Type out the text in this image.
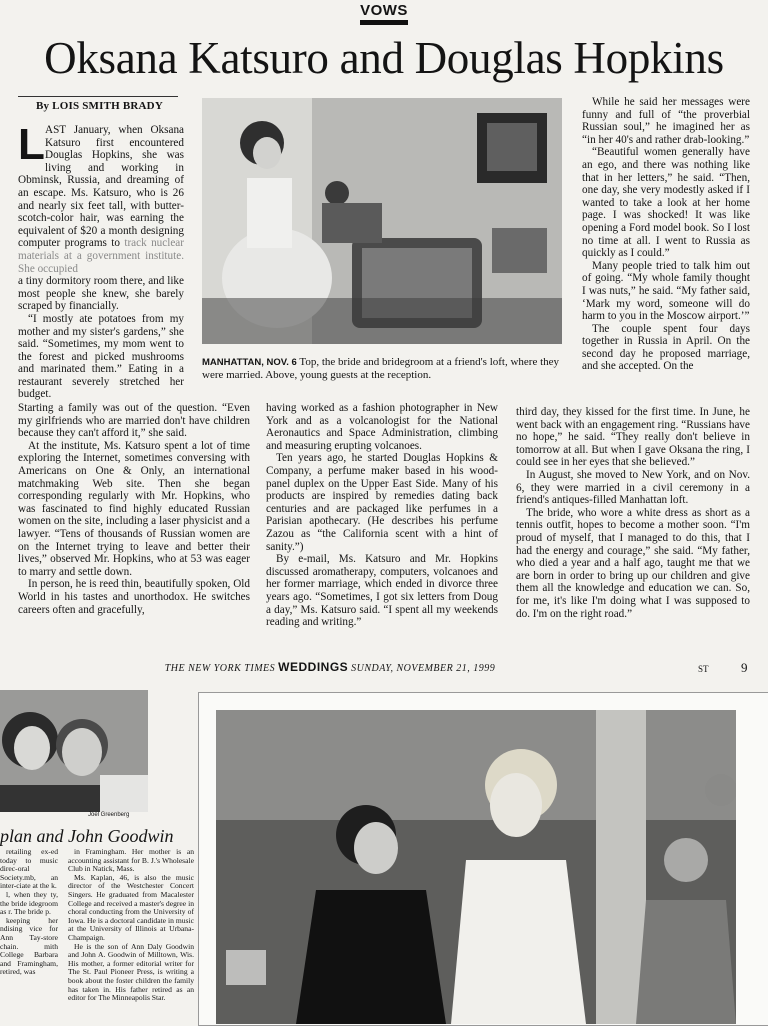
VOWS
Oksana Katsuro and Douglas Hopkins
By LOIS SMITH BRADY

LAST January, when Oksana Katsuro first encountered Douglas Hopkins, she was living and working in Obminsk, Russia, and dreaming of an escape. Ms. Katsuro, who is 26 and nearly six feet tall, with butter-scotch-color hair, was earning the equivalent of $20 a month designing computer programs to track nuclear materials at a government institute. She occupied

a tiny dormitory room there, and like most people she knew, she barely scraped by financially.

“I mostly ate potatoes from my mother and my sister's gardens,” she said. “Sometimes, my mom went to the forest and picked mushrooms and marinated them.” Eating in a restaurant severely stretched her budget.

Starting a family was out of the question. “Even my girlfriends who are married don't have children because they can't afford it,” she said.

At the institute, Ms. Katsuro spent a lot of time exploring the Internet, sometimes conversing with Americans on One & Only, an international matchmaking Web site. Then she began corresponding regularly with Mr. Hopkins, who was fascinated to find highly educated Russian women on the site, including a laser physicist and a lawyer. “Tens of thousands of Russian women are on the Internet trying to leave and better their lives,” observed Mr. Hopkins, who at 53 was eager to marry and settle down.

In person, he is reed thin, beautifully spoken, Old World in his tastes and unorthodox. He switches careers often and gracefully,

MANHATTAN, NOV. 6 Top, the bride and bridegroom at a friend's loft, where they were married. Above, young guests at the reception.

having worked as a fashion photographer in New York and as a volcanologist for the National Aeronautics and Space Administration, climbing and measuring erupting volcanoes.

Ten years ago, he started Douglas Hopkins & Company, a perfume maker based in his wood-panel duplex on the Upper East Side. Many of his products are inspired by remedies dating back centuries and are packaged like perfumes in a Parisian apothecary. (He describes his perfume Zazou as “the California scent with a hint of sanity.”)

By e-mail, Ms. Katsuro and Mr. Hopkins discussed aromatherapy, computers, volcanoes and her former marriage, which ended in divorce three years ago. “Sometimes, I got six letters from Doug a day,” Ms. Katsuro said. “I spent all my weekends reading and writing.”

While he said her messages were funny and full of “the proverbial Russian soul,” he imagined her as “in her 40's and rather drab-looking.”

“Beautiful women generally have an ego, and there was nothing like that in her letters,” he said. “Then, one day, she very modestly asked if I wanted to take a look at her home page. I was shocked! It was like opening a Ford model book. So I lost no time at all. I went to Russia as quickly as I could.”

Many people tried to talk him out of going. “My whole family thought I was nuts,” he said. “My father said, ‘Mark my word, someone will do harm to you in the Moscow airport.’”

The couple spent four days together in Russia in April. On the second day he proposed marriage, and she accepted. On the

third day, they kissed for the first time. In June, he went back with an engagement ring. “Russians have no hope,” he said. “They really don't believe in tomorrow at all. But when I gave Oksana the ring, I could see in her eyes that she believed.”

In August, she moved to New York, and on Nov. 6, they were married in a civil ceremony in a friend's antiques-filled Manhattan loft.

The bride, who wore a white dress as short as a tennis outfit, hopes to become a mother soon. “I'm proud of myself, that I managed to do this, that I had the energy and courage,” she said. “My father, who died a year and a half ago, taught me that we are born in order to bring up our children and give them all the knowledge and education we can. So, for me, it's like I'm doing what I was supposed to do. I'm on the right road.”

THE NEW YORK TIMES WEDDINGS SUNDAY, NOVEMBER 21, 1999	ST 9
Joel Greenberg
plan and John Goodwin

retailing ex-ed today to music direc-oral Society.mb, an inter-ciate at the k.

l, when they ty, the bride idegroom as r. The bride p.

keeping her ndising vice for Ann Tay-store chain. mith College Barbara and Framingham, retired, was

in Framingham. Her mother is an accounting assistant for B. J.'s Wholesale Club in Natick, Mass.

Ms. Kaplan, 46, is also the music director of the Westchester Concert Singers. He graduated from Macalester College and received a master's degree in choral conducting from the University of Iowa. He is a doctoral candidate in music at the University of Illinois at Urbana-Champaign.

He is the son of Ann Daly Goodwin and John A. Goodwin of Milltown, Wis. His mother, a former editorial writer for The St. Paul Pioneer Press, is writing a book about the foster children the family has taken in. His father retired as an editor for The Minneapolis Star.
